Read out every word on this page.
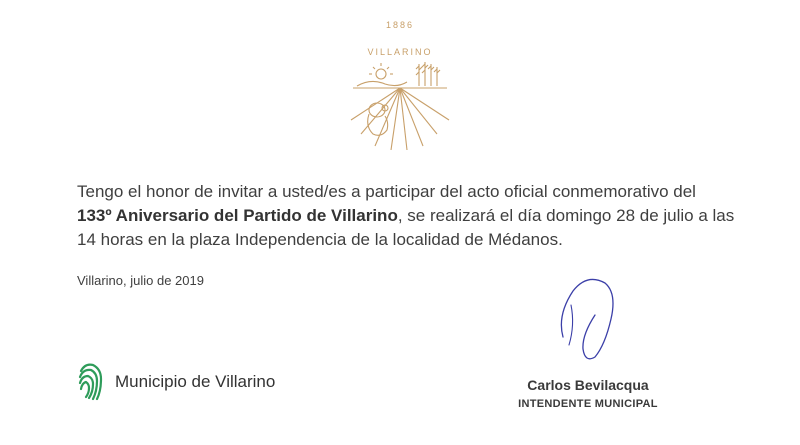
1886
VILLARINO
Tengo el honor de invitar a usted/es a participar del acto oficial conmemorativo del
133º Aniversario del Partido de Villarino, se realizará el día domingo 28 de julio a las
14 horas en la plaza Independencia de la localidad de Médanos.
Villarino, julio de 2019
Municipio de Villarino	Carlos Bevilacqua
INTENDENTE MUNICIPAL
